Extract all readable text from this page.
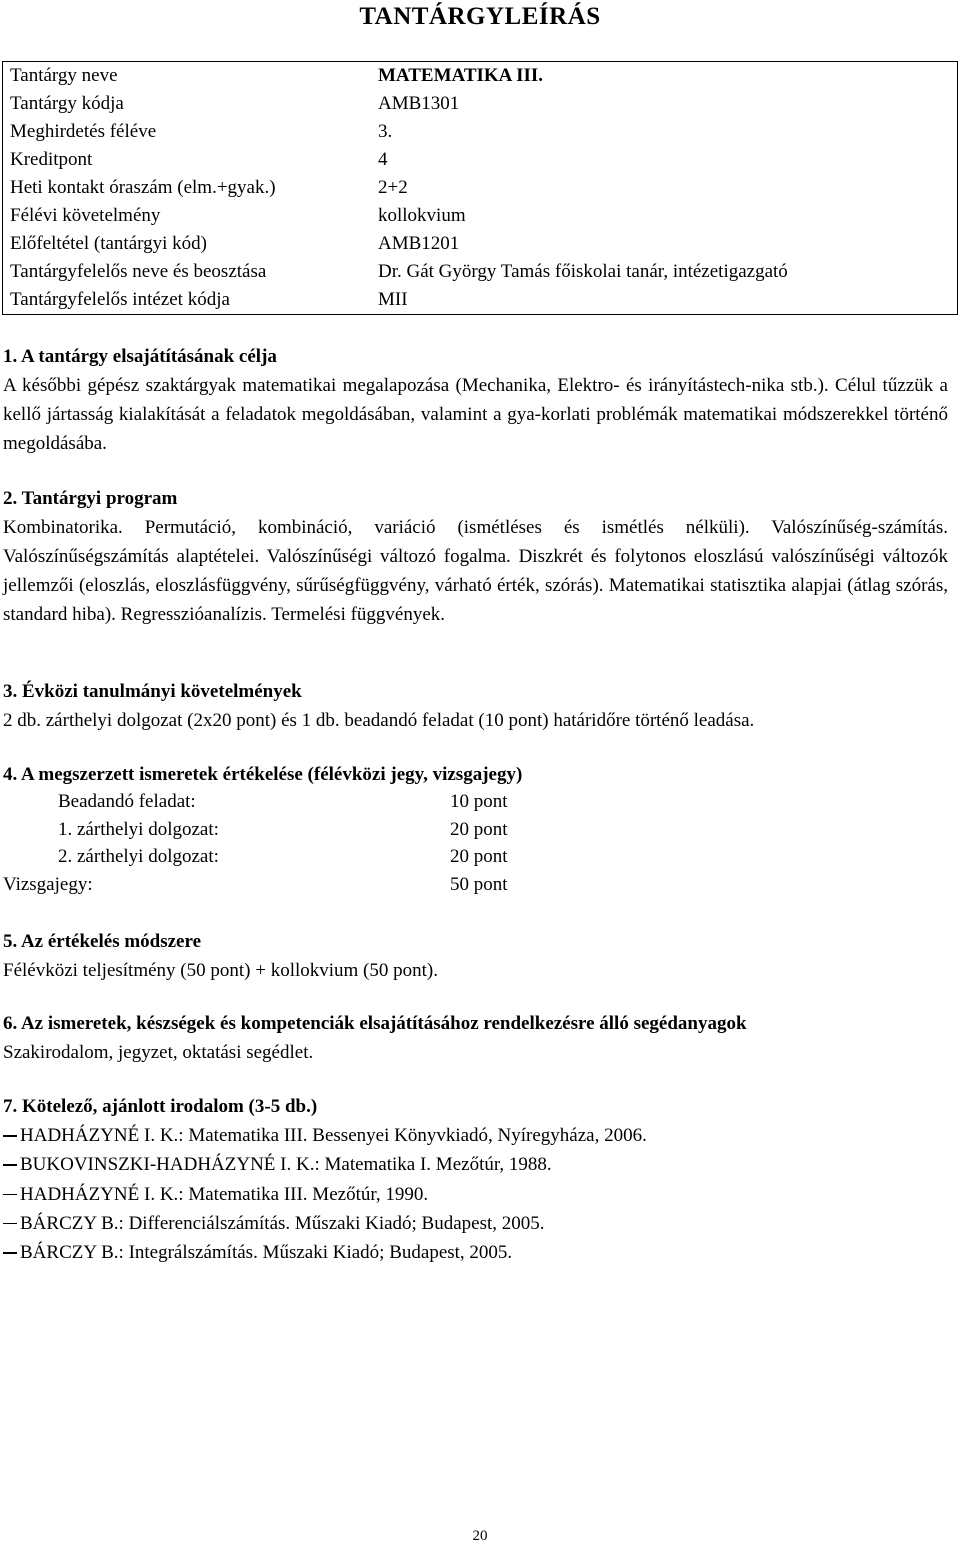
TANTÁRGYLEÍRÁS
Tantárgy neve	MATEMATIKA III.
Tantárgy kódja	AMB1301
Meghirdetés féléve	3.
Kreditpont	4
Heti kontakt óraszám (elm.+gyak.)	2+2
Félévi követelmény	kollokvium
Előfeltétel (tantárgyi kód)	AMB1201
Tantárgyfelelős neve és beosztása	Dr. Gát György Tamás főiskolai tanár, intézetigazgató
Tantárgyfelelős intézet kódja	MII
1. A tantárgy elsajátításának célja

A későbbi gépész szaktárgyak matematikai megalapozása (Mechanika, Elektro- és irányítástech-nika stb.). Célul tűzzük a kellő jártasság kialakítását a feladatok megoldásában, valamint a gya-korlati problémák matematikai módszerekkel történő megoldásába.

2. Tantárgyi program

Kombinatorika. Permutáció, kombináció, variáció (ismétléses és ismétlés nélküli). Valószínűség-számítás. Valószínűségszámítás alaptételei. Valószínűségi változó fogalma. Diszkrét és folytonos eloszlású valószínűségi változók jellemzői (eloszlás, eloszlásfüggvény, sűrűségfüggvény, várható érték, szórás). Matematikai statisztika alapjai (átlag szórás, standard hiba). Regresszióanalízis. Termelési függvények.

3. Évközi tanulmányi követelmények

2 db. zárthelyi dolgozat (2x20 pont) és 1 db. beadandó feladat (10 pont) határidőre történő leadása.

4. A megszerzett ismeretek értékelése (félévközi jegy, vizsgajegy)
Beadandó feladat:	10 pont
1. zárthelyi dolgozat:	20 pont
2. zárthelyi dolgozat:	20 pont
Vizsgajegy:	50 pont
5. Az értékelés módszere

Félévközi teljesítmény (50 pont) + kollokvium (50 pont).

6. Az ismeretek, készségek és kompetenciák elsajátításához rendelkezésre álló segédanyagok

Szakirodalom, jegyzet, oktatási segédlet.

7. Kötelező, ajánlott irodalom (3-5 db.)
HADHÁZYNÉ I. K.: Matematika III. Bessenyei Könyvkiadó, Nyíregyháza, 2006.
BUKOVINSZKI-HADHÁZYNÉ I. K.: Matematika I. Mezőtúr, 1988.
HADHÁZYNÉ I. K.: Matematika III. Mezőtúr, 1990.
BÁRCZY B.: Differenciálszámítás. Műszaki Kiadó; Budapest, 2005.
BÁRCZY B.: Integrálszámítás. Műszaki Kiadó; Budapest, 2005.
20
